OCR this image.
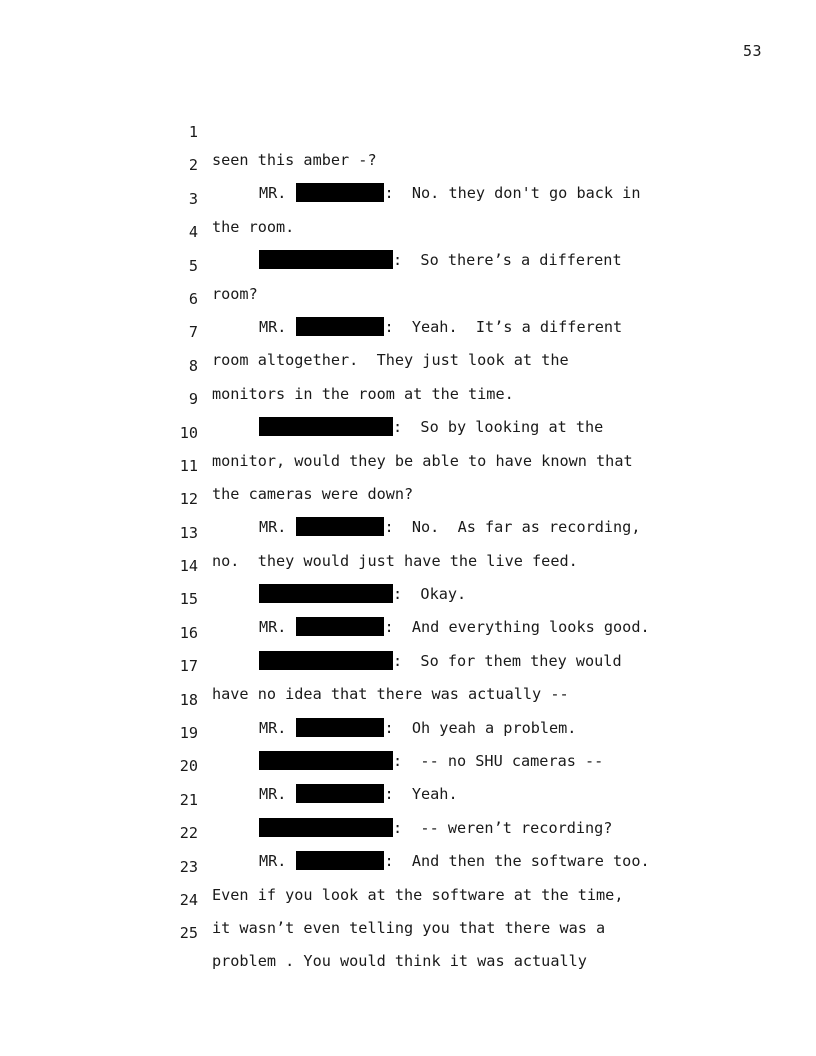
53

1

seen this amber -?

2

MR.	:  No. they don't go back in

3

the room.

4

:  So there’s a different

5

room?

6

MR.	:  Yeah.  It’s a different

7

room altogether.  They just look at the

8

monitors in the room at the time.

9

:  So by looking at the

10

monitor, would they be able to have known that

11

the cameras were down?

12

MR.	:  No.  As far as recording,

13

no.  they would just have the live feed.

14

:  Okay.

15

MR.	:  And everything looks good.

16

:  So for them they would

17

have no idea that there was actually --

18

MR.	:  Oh yeah a problem.

19

:  -- no SHU cameras --

20

MR.	:  Yeah.

21

:  -- weren’t recording?

22

MR.	:  And then the software too.

23

Even if you look at the software at the time,

24

it wasn’t even telling you that there was a

25

problem . You would think it was actually
